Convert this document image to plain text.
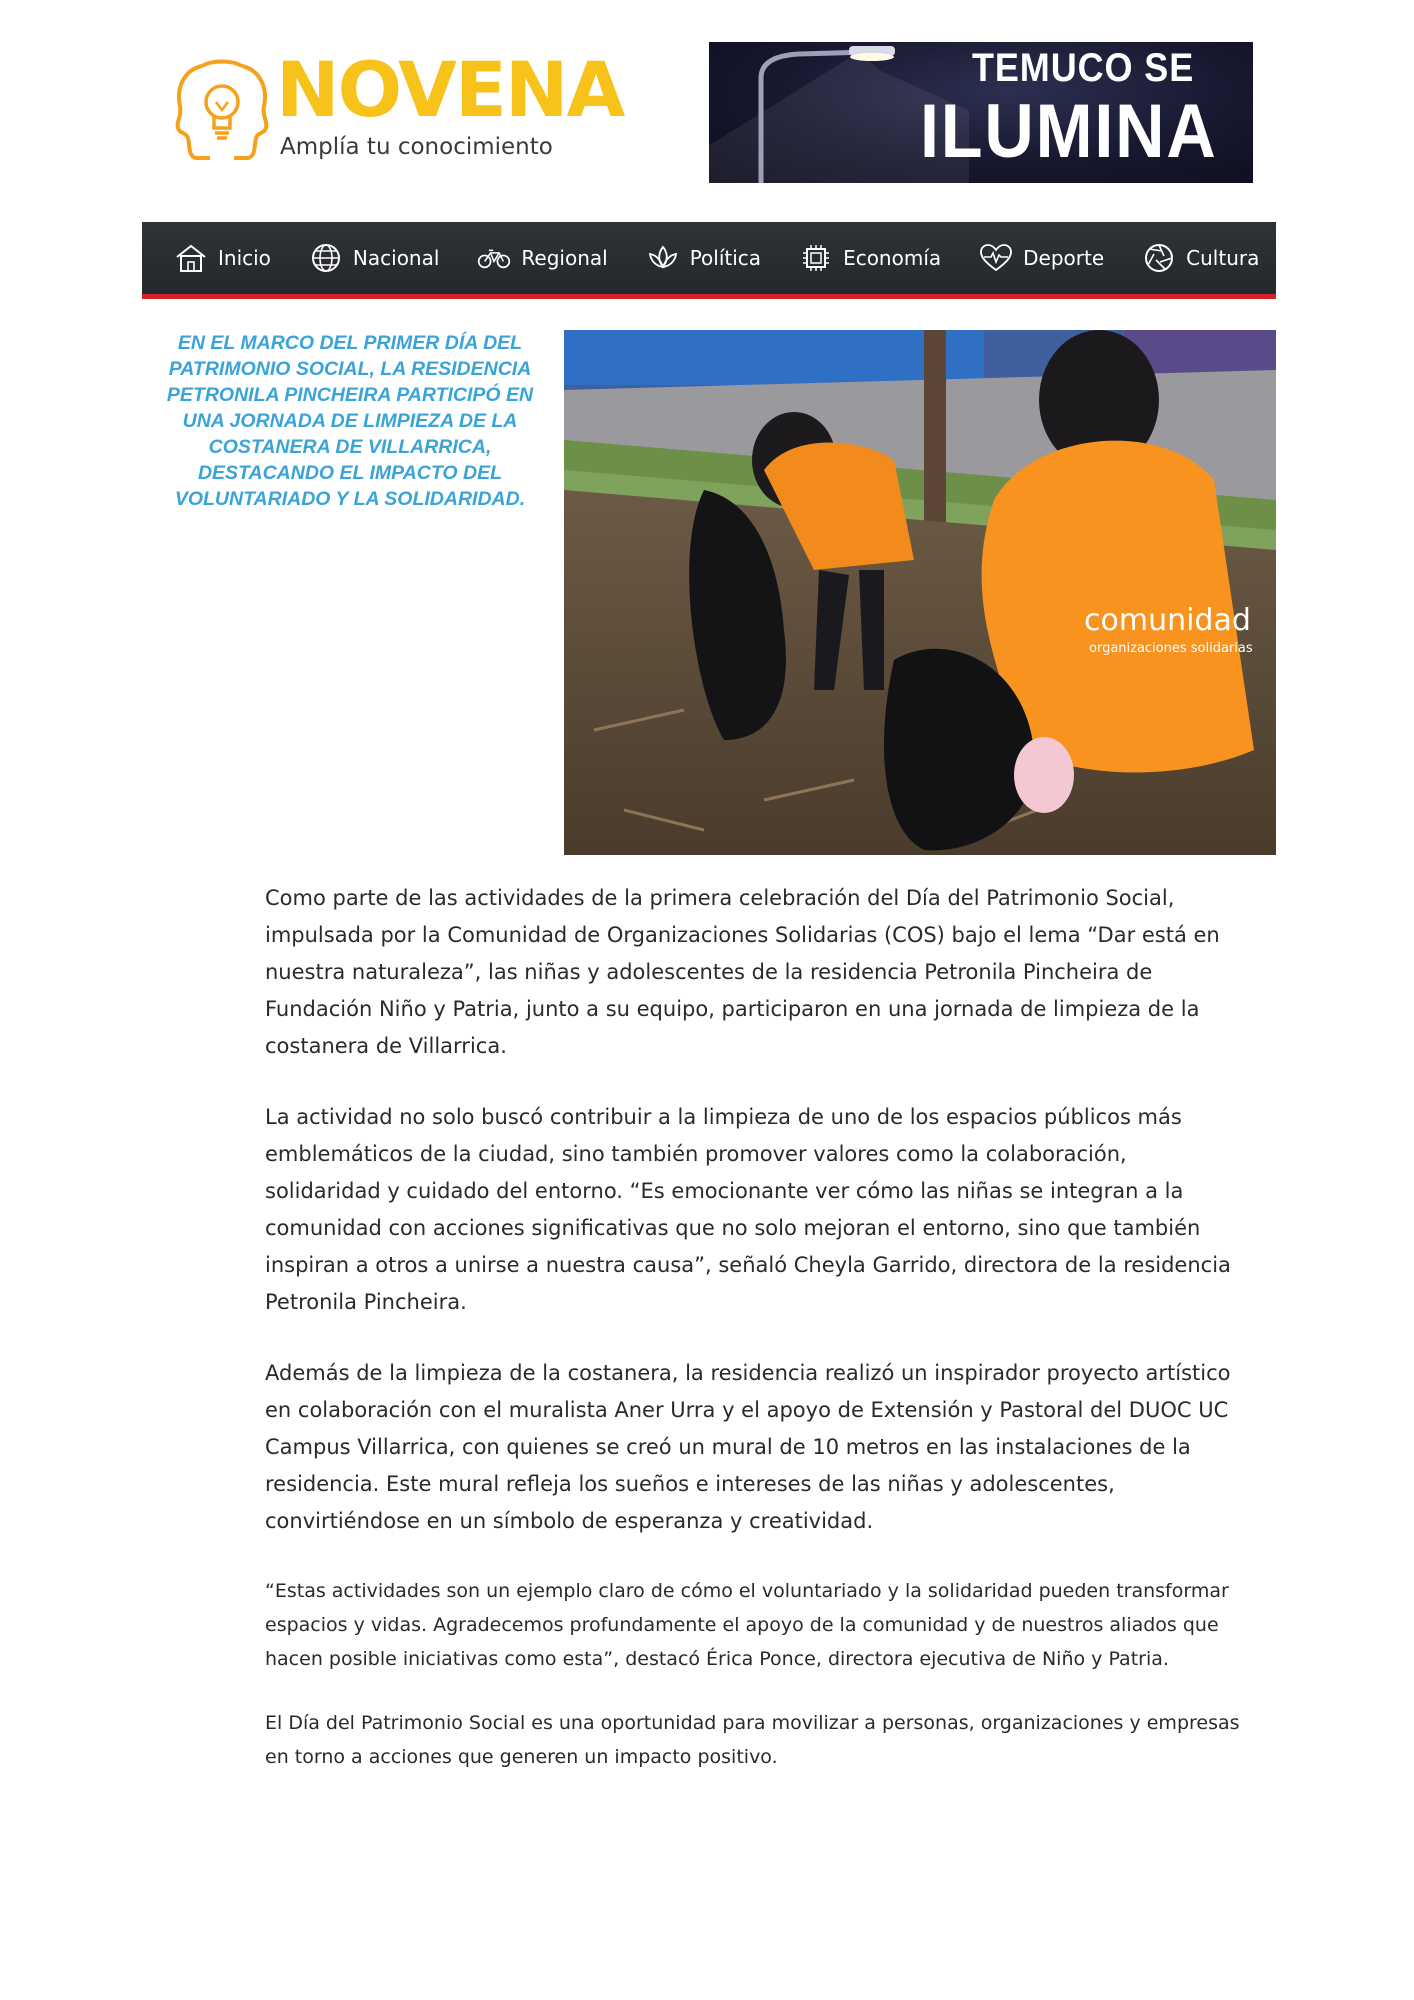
NOVENA
Amplía tu conocimiento
TEMUCO SE
ILUMINA
Inicio	Nacional	Regional	Política	Economía	Deporte	Cultura
EN EL MARCO DEL PRIMER DÍA DEL PATRIMONIO SOCIAL, LA RESIDENCIA PETRONILA PINCHEIRA PARTICIPÓ EN UNA JORNADA DE LIMPIEZA DE LA COSTANERA DE VILLARRICA, DESTACANDO EL IMPACTO DEL VOLUNTARIADO Y LA SOLIDARIDAD.
comunidad
organizaciones solidarias

Como parte de las actividades de la primera celebración del Día del Patrimonio Social, impulsada por la Comunidad de Organizaciones Solidarias (COS) bajo el lema “Dar está en nuestra naturaleza”, las niñas y adolescentes de la residencia Petronila Pincheira de Fundación Niño y Patria, junto a su equipo, participaron en una jornada de limpieza de la costanera de Villarrica.

La actividad no solo buscó contribuir a la limpieza de uno de los espacios públicos más emblemáticos de la ciudad, sino también promover valores como la colaboración, solidaridad y cuidado del entorno. “Es emocionante ver cómo las niñas se integran a la comunidad con acciones significativas que no solo mejoran el entorno, sino que también inspiran a otros a unirse a nuestra causa”, señaló Cheyla Garrido, directora de la residencia Petronila Pincheira.

Además de la limpieza de la costanera, la residencia realizó un inspirador proyecto artístico en colaboración con el muralista Aner Urra y el apoyo de Extensión y Pastoral del DUOC UC Campus Villarrica, con quienes se creó un mural de 10 metros en las instalaciones de la residencia. Este mural refleja los sueños e intereses de las niñas y adolescentes, convirtiéndose en un símbolo de esperanza y creatividad.

“Estas actividades son un ejemplo claro de cómo el voluntariado y la solidaridad pueden transformar espacios y vidas. Agradecemos profundamente el apoyo de la comunidad y de nuestros aliados que hacen posible iniciativas como esta”, destacó Érica Ponce, directora ejecutiva de Niño y Patria.

El Día del Patrimonio Social es una oportunidad para movilizar a personas, organizaciones y empresas en torno a acciones que generen un impacto positivo.
